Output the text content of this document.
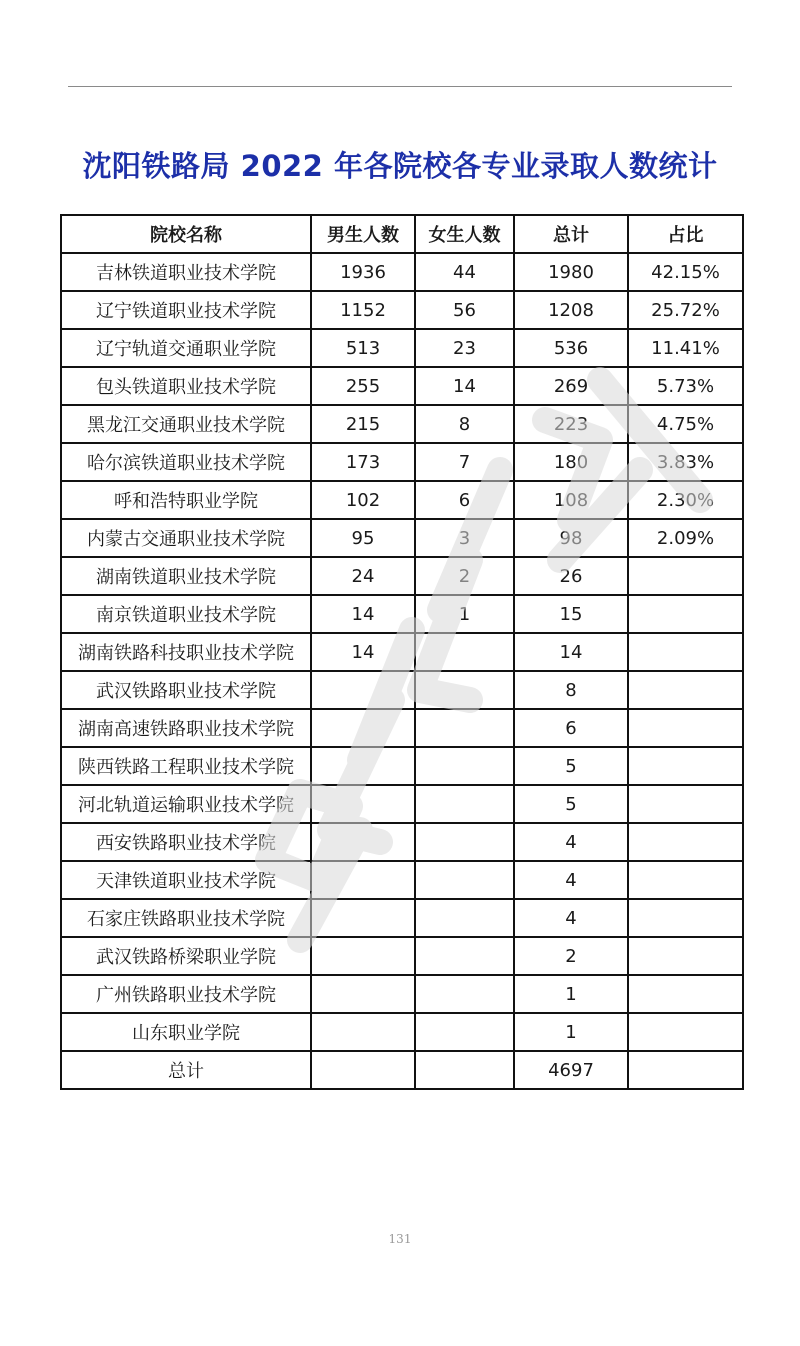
沈阳铁路局 2022 年各院校各专业录取人数统计
院校名称	男生人数	女生人数	总计	占比
吉林铁道职业技术学院	1936	44	1980	42.15%
辽宁铁道职业技术学院	1152	56	1208	25.72%
辽宁轨道交通职业学院	513	23	536	11.41%
包头铁道职业技术学院	255	14	269	5.73%
黑龙江交通职业技术学院	215	8	223	4.75%
哈尔滨铁道职业技术学院	173	7	180	3.83%
呼和浩特职业学院	102	6	108	2.30%
内蒙古交通职业技术学院	95	3	98	2.09%
湖南铁道职业技术学院	24	2	26	
南京铁道职业技术学院	14	1	15	
湖南铁路科技职业技术学院	14		14	
武汉铁路职业技术学院			8	
湖南高速铁路职业技术学院			6	
陕西铁路工程职业技术学院			5	
河北轨道运输职业技术学院			5	
西安铁路职业技术学院			4	
天津铁道职业技术学院			4	
石家庄铁路职业技术学院			4	
武汉铁路桥梁职业学院			2	
广州铁路职业技术学院			1	
山东职业学院			1	
总计			4697	
131
